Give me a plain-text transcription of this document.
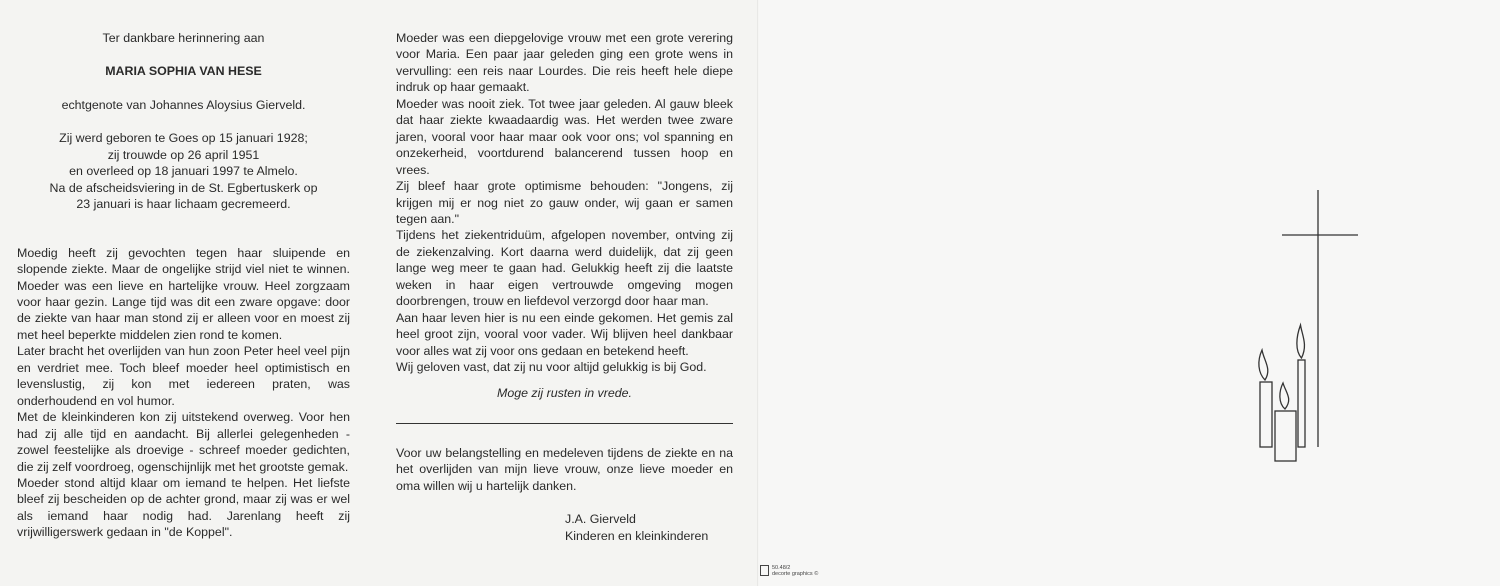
Ter dankbare herinnering aan

MARIA SOPHIA VAN HESE

echtgenote van Johannes Aloysius Gierveld.

Zij werd geboren te Goes op 15 januari 1928;

zij trouwde op 26 april 1951

en overleed op 18 januari 1997 te Almelo.

Na de afscheidsviering in de St. Egbertuskerk op

23 januari is haar lichaam gecremeerd.

Moedig heeft zij gevochten tegen haar sluipende en slopende ziekte. Maar de ongelijke strijd viel niet te winnen. Moeder was een lieve en hartelijke vrouw. Heel zorgzaam voor haar gezin. Lange tijd was dit een zware opgave: door de ziekte van haar man stond zij er alleen voor en moest zij met heel beperkte middelen zien rond te komen.

Later bracht het overlijden van hun zoon Peter heel veel pijn en verdriet mee. Toch bleef moeder heel optimistisch en levenslustig, zij kon met iedereen praten, was onderhoudend en vol humor.

Met de kleinkinderen kon zij uitstekend overweg. Voor hen had zij alle tijd en aandacht. Bij allerlei gelegenheden - zowel feestelijke als droevige - schreef moeder gedichten, die zij zelf voordroeg, ogenschijnlijk met het grootste gemak.

Moeder stond altijd klaar om iemand te helpen. Het liefste bleef zij bescheiden op de achter grond, maar zij was er wel als iemand haar nodig had. Jarenlang heeft zij vrijwilligerswerk gedaan in "de Koppel".

Moeder was een diepgelovige vrouw met een grote verering voor Maria. Een paar jaar geleden ging een grote wens in vervulling: een reis naar Lourdes. Die reis heeft hele diepe indruk op haar gemaakt.

Moeder was nooit ziek. Tot twee jaar geleden. Al gauw bleek dat haar ziekte kwaadaardig was. Het werden twee zware jaren, vooral voor haar maar ook voor ons; vol spanning en onzekerheid, voortdurend balancerend tussen hoop en vrees.

Zij bleef haar grote optimisme behouden: "Jongens, zij krijgen mij er nog niet zo gauw onder, wij gaan er samen tegen aan."

Tijdens het ziekentriduüm, afgelopen november, ontving zij de ziekenzalving. Kort daarna werd duidelijk, dat zij geen lange weg meer te gaan had. Gelukkig heeft zij die laatste weken in haar eigen vertrouwde omgeving mogen doorbrengen, trouw en liefdevol verzorgd door haar man.

Aan haar leven hier is nu een einde gekomen. Het gemis zal heel groot zijn, vooral voor vader. Wij blijven heel dankbaar voor alles wat zij voor ons gedaan en betekend heeft.

Wij geloven vast, dat zij nu voor altijd gelukkig is bij God.

Moge zij rusten in vrede.

Voor uw belangstelling en medeleven tijdens de ziekte en na het overlijden van mijn lieve vrouw, onze lieve moeder en oma willen wij u hartelijk danken.

J.A. Gierveld
Kinderen en kleinkinderen
50.48/2
decorte graphics ©
